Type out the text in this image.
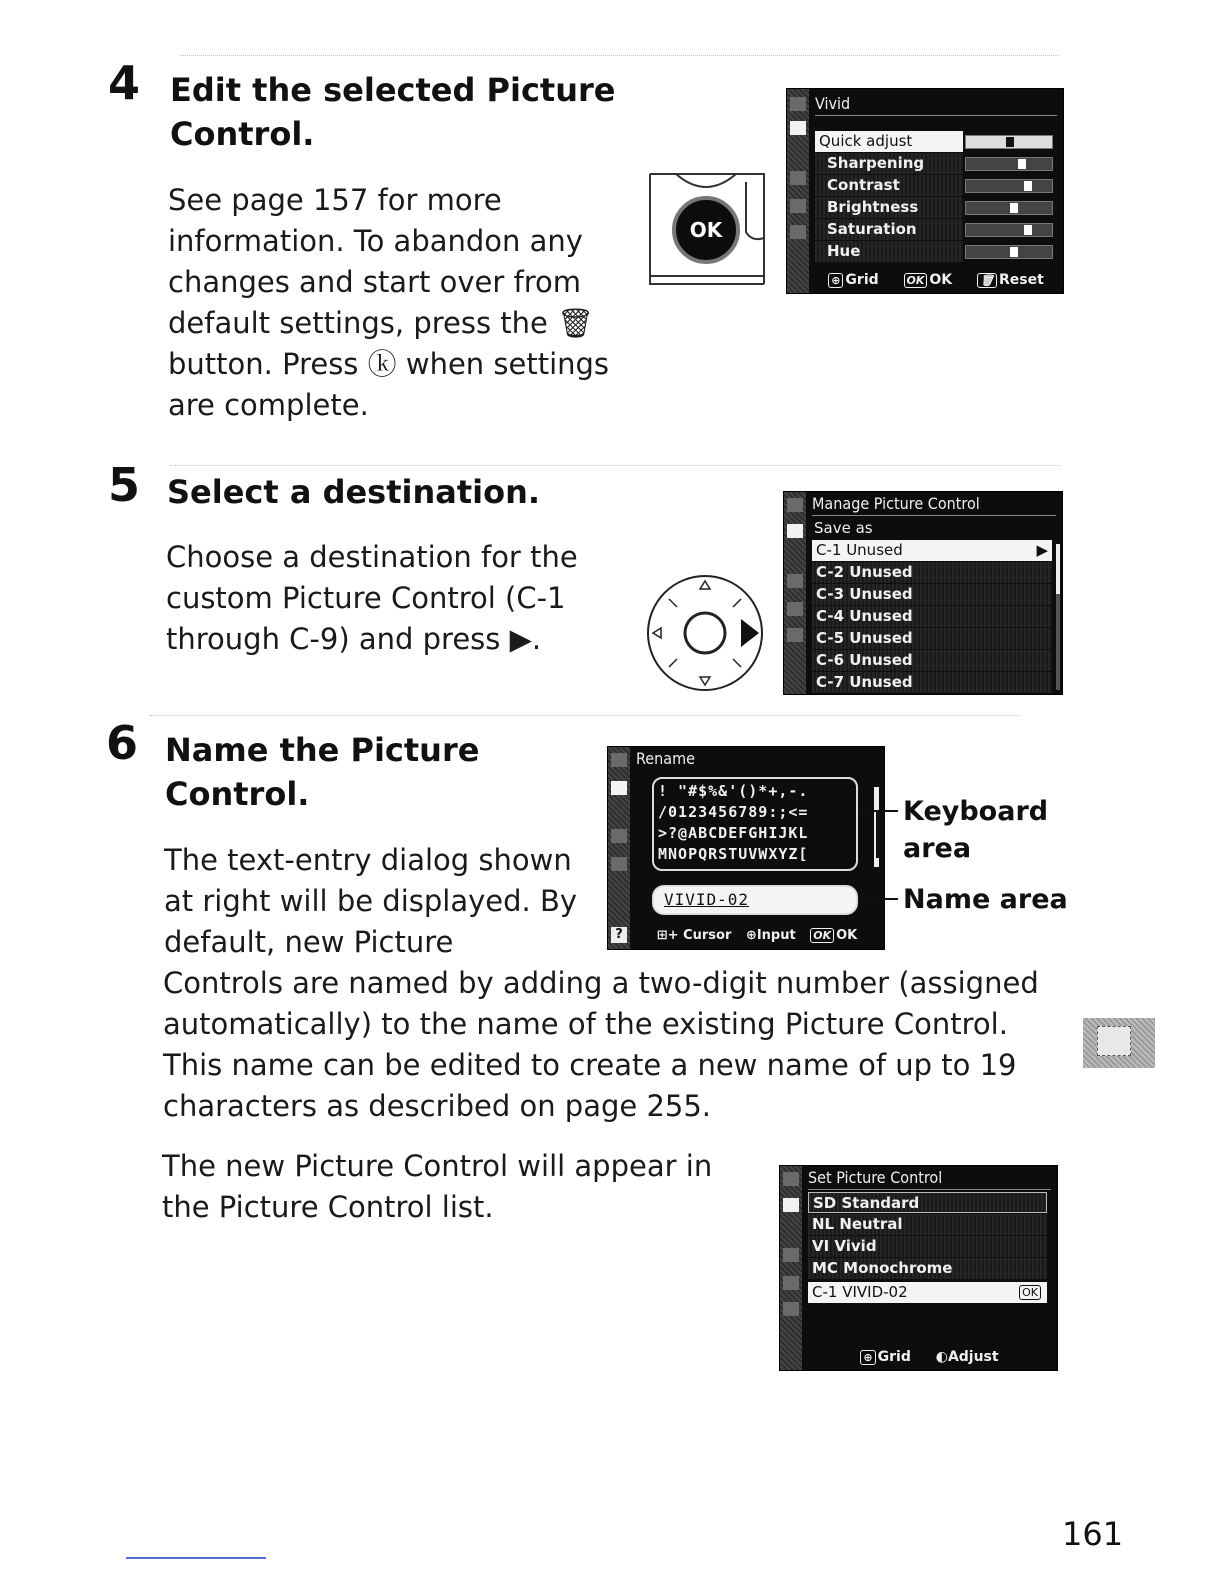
4 Edit the selected Picture
Control.
See page 157 for more
information. To abandon any
changes and start over from
default settings, press the 🗑
button. Press ⓚ when settings
are complete.
OK
Vivid
Quick adjust
Sharpening
Contrast
Brightness
Saturation
Hue
⊕ Grid	OK OK	🗑 Reset
5 Select a destination.
Choose a destination for the
custom Picture Control (C-1
through C-9) and press ▶.
Manage Picture Control
Save as
C-1 Unused	▶
C-2 Unused
C-3 Unused
C-4 Unused
C-5 Unused
C-6 Unused
C-7 Unused
6 Name the Picture
Control.
The text-entry dialog shown
at right will be displayed. By
default, new Picture
Controls are named by adding a two-digit number (assigned
automatically) to the name of the existing Picture Control.
This name can be edited to create a new name of up to 19
characters as described on page 255.
?
Rename
! "#$%&'()*+,-.
/0123456789:;<=
>?@ABCDEFGHIJKL
MNOPQRSTUVWXYZ[
VIVID-02
⊞+ Cursor ⊕Input OK OK
Keyboard
area
Name area
The new Picture Control will appear in
the Picture Control list.
Set Picture Control
SD Standard
NL Neutral
VI Vivid
MC Monochrome
C-1 VIVID-02	OK
⊕ Grid ◐Adjust
161
